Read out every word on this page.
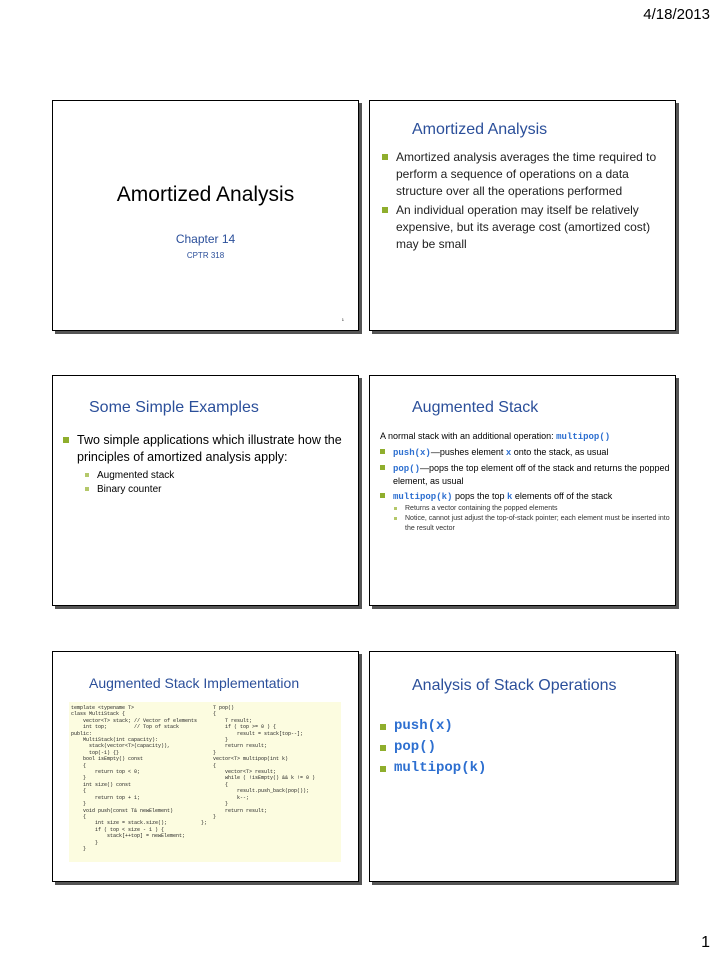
4/18/2013
Amortized Analysis
Chapter 14
CPTR 318
1
Amortized Analysis
Amortized analysis averages the time required to perform a sequence of operations on a data structure over all the operations performed
An individual operation may itself be relatively expensive, but its average cost (amortized cost) may be small
Some Simple Examples
Two simple applications which illustrate how the principles of amortized analysis apply:
Augmented stack
Binary counter
Augmented Stack
A normal stack with an additional operation: multipop()
push(x)—pushes element x onto the stack, as usual
pop()—pops the top element off of the stack and returns the popped element, as usual
multipop(k) pops the top k elements off of the stack
Returns a vector containing the popped elements
Notice, cannot just adjust the top-of-stack pointer; each element must be inserted into the result vector
Augmented Stack Implementation
template <typename T>
class MultiStack {
vector<T> stack; // Vector of elements
int top;         // Top of stack
public:
MultiStack(int capacity):
stack(vector<T>(capacity)),
top(-1) {}
bool isEmpty() const
{
return top < 0;
}
int size() const
{
return top + 1;
}
void push(const T& newElement)
{
int size = stack.size();
if ( top < size - 1 ) {
stack[++top] = newElement;
}
}
T pop()
{
T result;
if ( top >= 0 ) {
result = stack[top--];
}
return result;
}
vector<T> multipop(int k)
{
vector<T> result;
while ( !isEmpty() && k != 0 )
{
result.push_back(pop());
k--;
}
return result;
}
};
Analysis of Stack Operations
push(x)
pop()
multipop(k)
1
